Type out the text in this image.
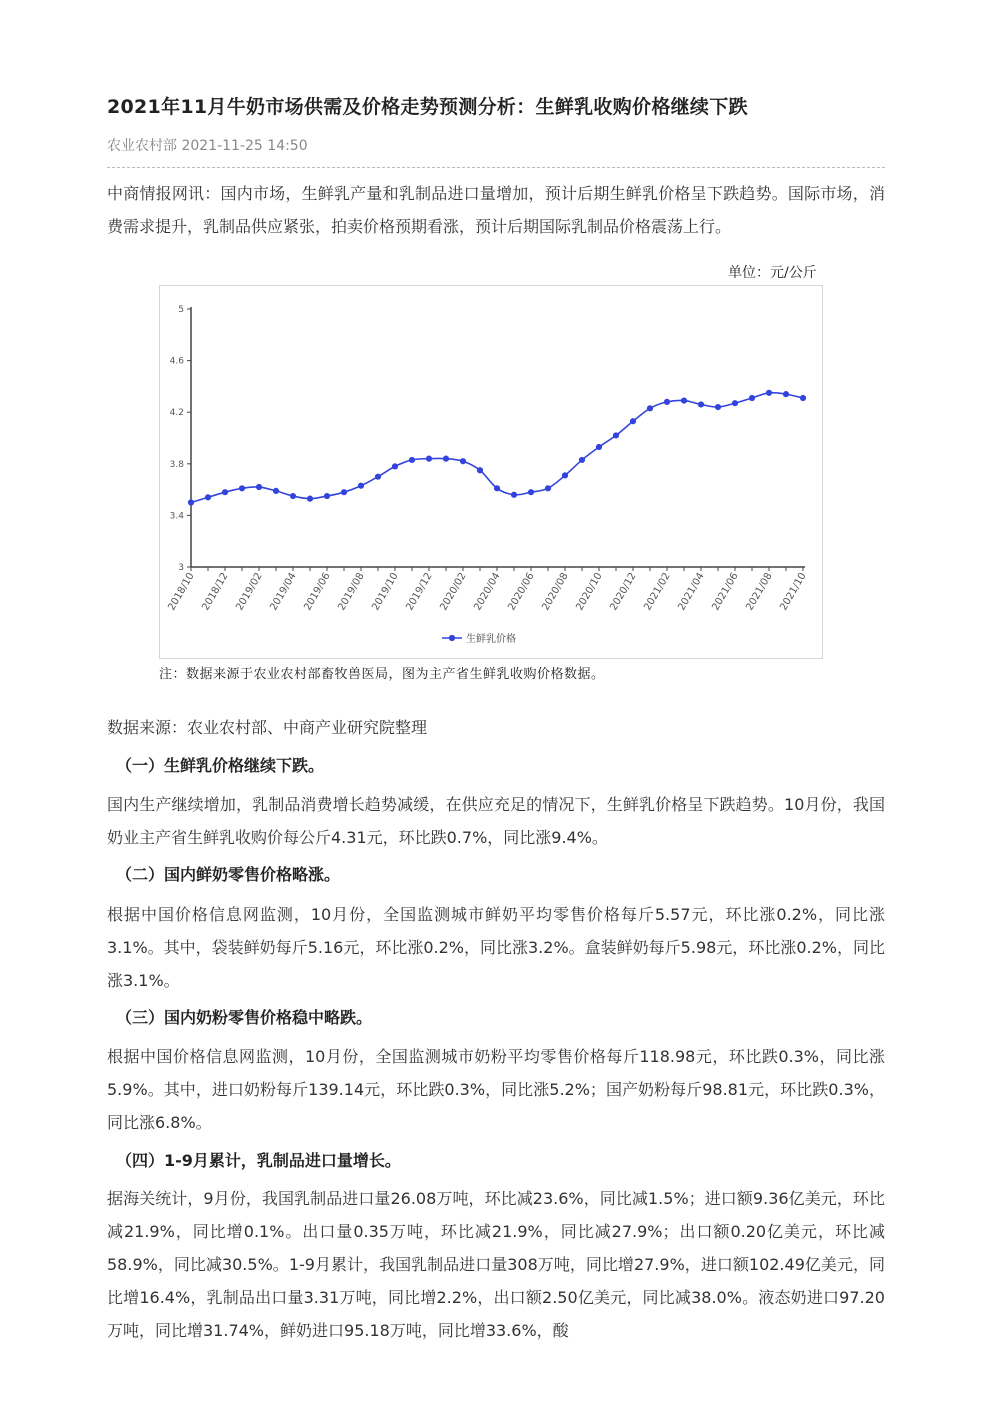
2021年11月牛奶市场供需及价格走势预测分析：生鲜乳收购价格继续下跌
农业农村部 2021-11-25 14:50

中商情报网讯：国内市场，生鲜乳产量和乳制品进口量增加，预计后期生鲜乳价格呈下跌趋势。国际市场，消费需求提升，乳制品供应紧张，拍卖价格预期看涨，预计后期国际乳制品价格震荡上行。

单位：元/公斤
3
3.4
3.8
4.2
4.6
5
2018/10 2018/12 2019/02 2019/04 2019/06 2019/08 2019/10 2019/12 2020/02 2020/04 2020/06 2020/08 2020/10 2020/12 2021/02 2021/04 2021/06 2021/08 2021/10
生鲜乳价格
注：数据来源于农业农村部畜牧兽医局，图为主产省生鲜乳收购价格数据。

数据来源：农业农村部、中商产业研究院整理

（一）生鲜乳价格继续下跌。

国内生产继续增加，乳制品消费增长趋势减缓，在供应充足的情况下，生鲜乳价格呈下跌趋势。10月份，我国奶业主产省生鲜乳收购价每公斤4.31元，环比跌0.7%，同比涨9.4%。

（二）国内鲜奶零售价格略涨。

根据中国价格信息网监测，10月份，全国监测城市鲜奶平均零售价格每斤5.57元，环比涨0.2%，同比涨3.1%。其中，袋装鲜奶每斤5.16元，环比涨0.2%，同比涨3.2%。盒装鲜奶每斤5.98元，环比涨0.2%，同比涨3.1%。

（三）国内奶粉零售价格稳中略跌。

根据中国价格信息网监测，10月份，全国监测城市奶粉平均零售价格每斤118.98元，环比跌0.3%，同比涨5.9%。其中，进口奶粉每斤139.14元，环比跌0.3%，同比涨5.2%；国产奶粉每斤98.81元，环比跌0.3%，同比涨6.8%。

（四）1-9月累计，乳制品进口量增长。

据海关统计，9月份，我国乳制品进口量26.08万吨，环比减23.6%，同比减1.5%；进口额9.36亿美元，环比减21.9%，同比增0.1%。出口量0.35万吨，环比减21.9%，同比减27.9%；出口额0.20亿美元，环比减58.9%，同比减30.5%。1-9月累计，我国乳制品进口量308万吨，同比增27.9%，进口额102.49亿美元，同比增16.4%，乳制品出口量3.31万吨，同比增2.2%，出口额2.50亿美元，同比减38.0%。液态奶进口97.20万吨，同比增31.74%，鲜奶进口95.18万吨，同比增33.6%，酸
